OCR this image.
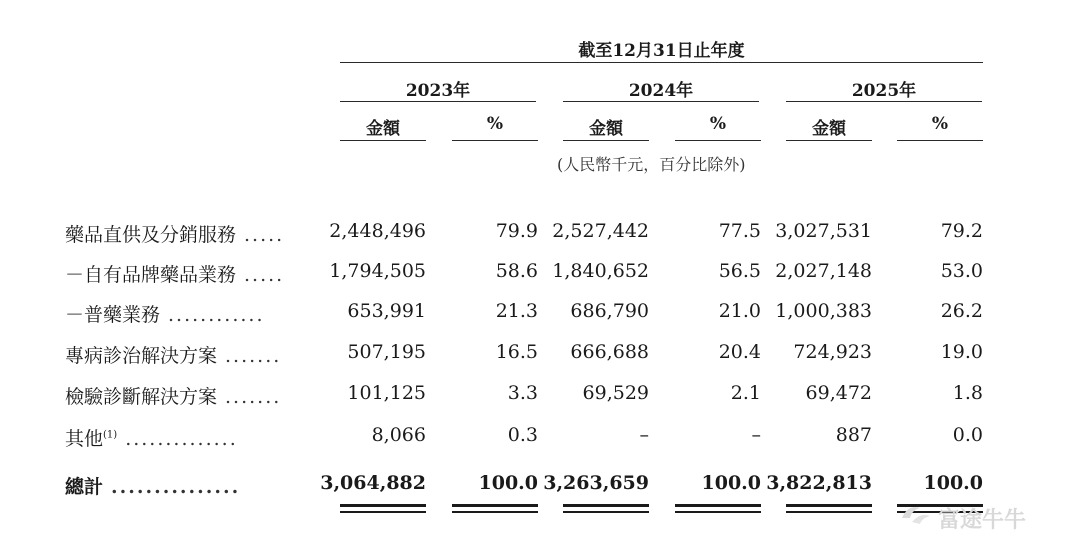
截至12月31日止年度
2023年	2024年	2025年
金額	%	金額	%	金額	%
(人民幣千元，百分比除外)
藥品直供及分銷服務 .....	2,448,496	79.9 2,527,442	77.5 3,027,531	79.2
－自有品牌藥品業務 .....	1,794,505	58.6 1,840,652	56.5 2,027,148	53.0
－普藥業務 ............	653,991	21.3	686,790	21.0 1,000,383	26.2
專病診治解決方案 .......	507,195	16.5	666,688	20.4	724,923	19.0
檢驗診斷解決方案 .......	101,125	3.3	69,529	2.1	69,472	1.8
其他$^{(1)}$ ..............	8,066	0.3	–	–	887	0.0
總計 ...............	3,064,882	100.0 3,263,659	100.0 3,822,813	100.0
富途牛牛
